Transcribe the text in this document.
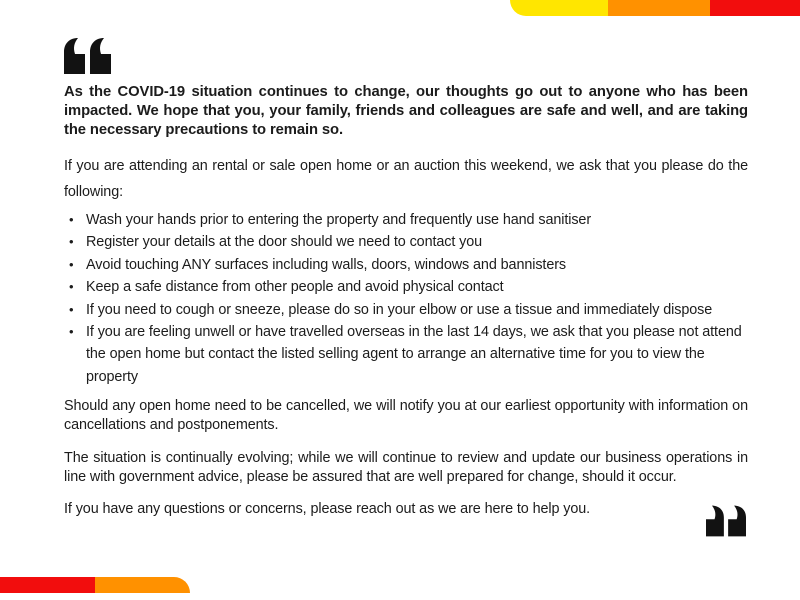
As the COVID-19 situation continues to change, our thoughts go out to anyone who has been impacted. We hope that you, your family, friends and colleagues are safe and well, and are taking the necessary precautions to remain so.

If you are attending an rental or sale open home or an auction this weekend, we ask that you please do the following:

•
Wash your hands prior to entering the property and frequently use hand sanitiser
•
Register your details at the door should we need to contact you
•
Avoid touching ANY surfaces including walls, doors, windows and bannisters
•
Keep a safe distance from other people and avoid physical contact
•
If you need to cough or sneeze, please do so in your elbow or use a tissue and immediately dispose
•
If you are feeling unwell or have travelled overseas in the last 14 days, we ask that you please not attend the open home but contact the listed selling agent to arrange an alternative time for you to view the property

Should any open home need to be cancelled, we will notify you at our earliest opportunity with information on cancellations and postponements.

The situation is continually evolving; while we will continue to review and update our business operations in line with government advice, please be assured that are well prepared for change, should it occur.

If you have any questions or concerns, please reach out as we are here to help you.
